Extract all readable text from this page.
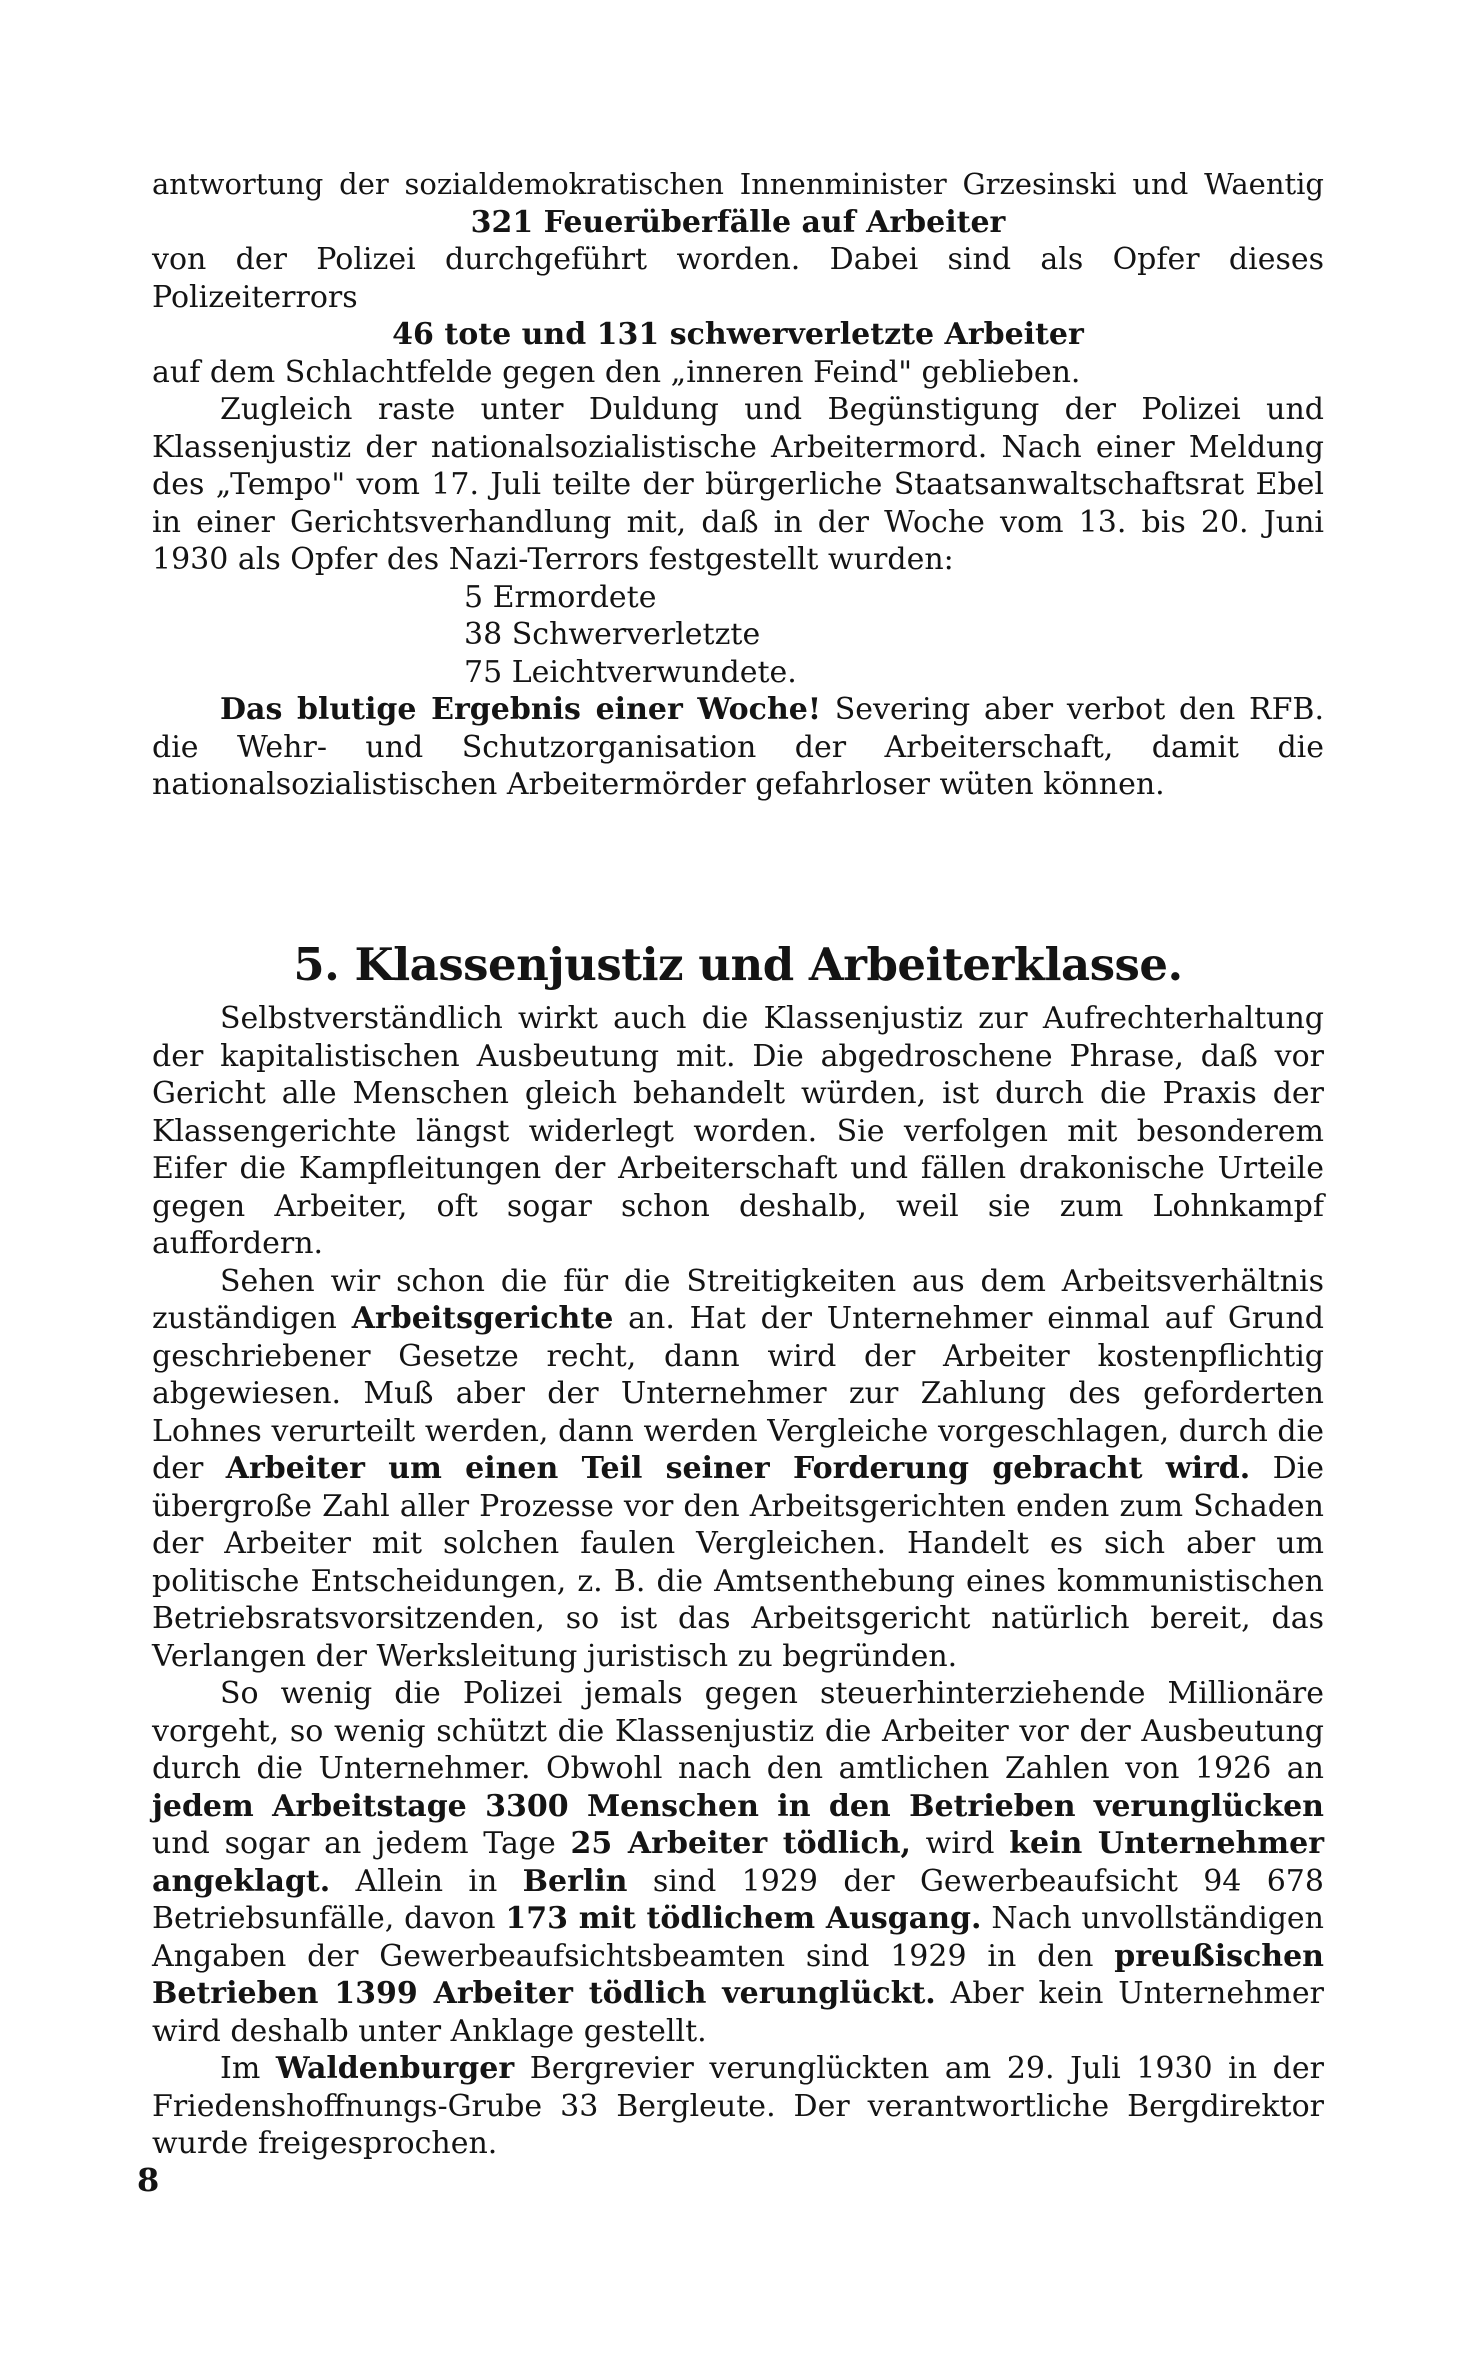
antwortung der sozialdemokratischen Innenminister Grzesinski und Waentig

321 Feuerüberfälle auf Arbeiter

von der Polizei durchgeführt worden. Dabei sind als Opfer dieses Polizeiterrors

46 tote und 131 schwerverletzte Arbeiter

auf dem Schlachtfelde gegen den „inneren Feind" geblieben.

Zugleich raste unter Duldung und Begünstigung der Polizei und Klassenjustiz der nationalsozialistische Arbeitermord. Nach einer Meldung des „Tempo" vom 17. Juli teilte der bürgerliche Staatsanwaltschaftsrat Ebel in einer Gerichtsverhandlung mit, daß in der Woche vom 13. bis 20. Juni 1930 als Opfer des Nazi-Terrors festgestellt wurden:

5 Ermordete
38 Schwerverletzte
75 Leichtverwundete.

Das blutige Ergebnis einer Woche! Severing aber verbot den RFB. die Wehr- und Schutzorganisation der Arbeiterschaft, damit die nationalsozialistischen Arbeitermörder gefahrloser wüten können.

5. Klassenjustiz und Arbeiterklasse.

Selbstverständlich wirkt auch die Klassenjustiz zur Aufrechterhaltung der kapitalistischen Ausbeutung mit. Die abgedroschene Phrase, daß vor Gericht alle Menschen gleich behandelt würden, ist durch die Praxis der Klassengerichte längst widerlegt worden. Sie verfolgen mit besonderem Eifer die Kampfleitungen der Arbeiterschaft und fällen drakonische Urteile gegen Arbeiter, oft sogar schon deshalb, weil sie zum Lohnkampf auffordern.

Sehen wir schon die für die Streitigkeiten aus dem Arbeitsverhältnis zuständigen Arbeitsgerichte an. Hat der Unternehmer einmal auf Grund geschriebener Gesetze recht, dann wird der Arbeiter kostenpflichtig abgewiesen. Muß aber der Unternehmer zur Zahlung des geforderten Lohnes verurteilt werden, dann werden Vergleiche vorgeschlagen, durch die der Arbeiter um einen Teil seiner Forderung gebracht wird. Die übergroße Zahl aller Prozesse vor den Arbeitsgerichten enden zum Schaden der Arbeiter mit solchen faulen Vergleichen. Handelt es sich aber um politische Entscheidungen, z. B. die Amtsenthebung eines kommunistischen Betriebsratsvorsitzenden, so ist das Arbeitsgericht natürlich bereit, das Verlangen der Werksleitung juristisch zu begründen.

So wenig die Polizei jemals gegen steuerhinterziehende Millionäre vorgeht, so wenig schützt die Klassenjustiz die Arbeiter vor der Ausbeutung durch die Unternehmer. Obwohl nach den amtlichen Zahlen von 1926 an jedem Arbeitstage 3300 Menschen in den Betrieben verunglücken und sogar an jedem Tage 25 Arbeiter tödlich, wird kein Unternehmer angeklagt. Allein in Berlin sind 1929 der Gewerbeaufsicht 94 678 Betriebsunfälle, davon 173 mit tödlichem Ausgang. Nach unvollständigen Angaben der Gewerbeaufsichtsbeamten sind 1929 in den preußischen Betrieben 1399 Arbeiter tödlich verunglückt. Aber kein Unternehmer wird deshalb unter Anklage gestellt.

Im Waldenburger Bergrevier verunglückten am 29. Juli 1930 in der Friedenshoffnungs-Grube 33 Bergleute. Der verantwortliche Bergdirektor wurde freigesprochen.

8
